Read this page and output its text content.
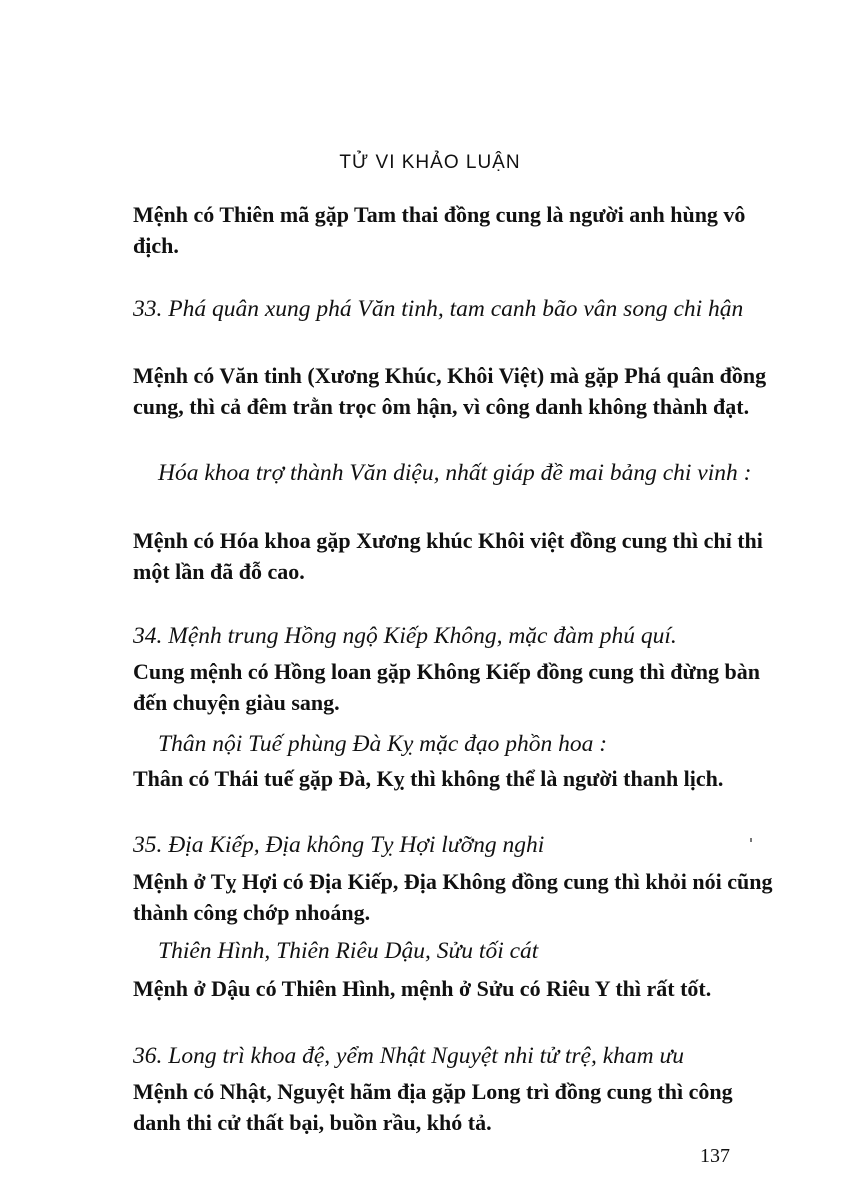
TỬ VI KHẢO LUẬN
Mệnh có Thiên mã gặp Tam thai đồng cung là người anh hùng vô địch.
33. Phá quân xung phá Văn tinh, tam canh bão vân song chi hận
Mệnh có Văn tinh (Xương Khúc, Khôi Việt) mà gặp Phá quân đồng cung, thì cả đêm trằn trọc ôm hận, vì công danh không thành đạt.
Hóa khoa trợ thành Văn diệu, nhất giáp đề mai bảng chi vinh :
Mệnh có Hóa khoa gặp Xương khúc Khôi việt đồng cung thì chỉ thi một lần đã đỗ cao.
34. Mệnh trung Hồng ngộ Kiếp Không, mặc đàm phú quí.
Cung mệnh có Hồng loan gặp Không Kiếp đồng cung thì đừng bàn đến chuyện giàu sang.
Thân nội Tuế phùng Đà Kỵ mặc đạo phồn hoa :
Thân có Thái tuế gặp Đà, Kỵ thì không thể là người thanh lịch.
35. Địa Kiếp, Địa không Tỵ Hợi lưỡng nghi
Mệnh ở Tỵ Hợi có Địa Kiếp, Địa Không đồng cung thì khỏi nói cũng thành công chớp nhoáng.
Thiên Hình, Thiên Riêu Dậu, Sửu tối cát
Mệnh ở Dậu có Thiên Hình, mệnh ở Sửu có Riêu Y thì rất tốt.
36. Long trì khoa đệ, yểm Nhật Nguyệt nhi tử trệ, kham ưu
Mệnh có Nhật, Nguyệt hãm địa gặp Long trì đồng cung thì công danh thi cử thất bại, buồn rầu, khó tả.
137
